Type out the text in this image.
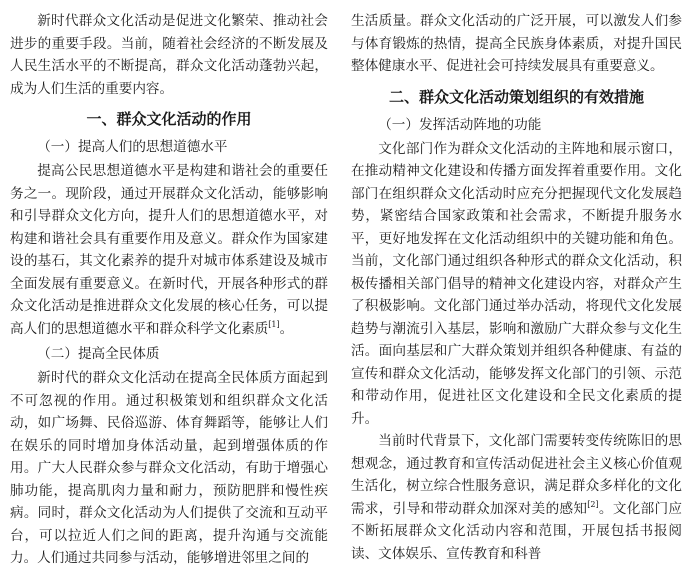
新时代群众文化活动是促进文化繁荣、推动社会进步的重要手段。当前，随着社会经济的不断发展及人民生活水平的不断提高，群众文化活动蓬勃兴起，成为人们生活的重要内容。

一、群众文化活动的作用
（一）提高人们的思想道德水平

提高公民思想道德水平是构建和谐社会的重要任务之一。现阶段，通过开展群众文化活动，能够影响和引导群众文化方向，提升人们的思想道德水平，对构建和谐社会具有重要作用及意义。群众作为国家建设的基石，其文化素养的提升对城市体系建设及城市全面发展有重要意义。在新时代，开展各种形式的群众文化活动是推进群众文化发展的核心任务，可以提高人们的思想道德水平和群众科学文化素质[1]。

（二）提高全民体质

新时代的群众文化活动在提高全民体质方面起到不可忽视的作用。通过积极策划和组织群众文化活动，如广场舞、民俗巡游、体育舞蹈等，能够让人们在娱乐的同时增加身体活动量，起到增强体质的作用。广大人民群众参与群众文化活动，有助于增强心肺功能，提高肌肉力量和耐力，预防肥胖和慢性疾病。同时，群众文化活动为人们提供了交流和互动平台，可以拉近人们之间的距离，提升沟通与交流能力。人们通过共同参与活动，能够增进邻里之间的

生活质量。群众文化活动的广泛开展，可以激发人们参与体育锻炼的热情，提高全民族身体素质，对提升国民整体健康水平、促进社会可持续发展具有重要意义。

二、群众文化活动策划组织的有效措施
（一）发挥活动阵地的功能

文化部门作为群众文化活动的主阵地和展示窗口，在推动精神文化建设和传播方面发挥着重要作用。文化部门在组织群众文化活动时应充分把握现代文化发展趋势，紧密结合国家政策和社会需求，不断提升服务水平，更好地发挥在文化活动组织中的关键功能和角色。当前，文化部门通过组织各种形式的群众文化活动，积极传播相关部门倡导的精神文化建设内容，对群众产生了积极影响。文化部门通过举办活动，将现代文化发展趋势与潮流引入基层，影响和激励广大群众参与文化生活。面向基层和广大群众策划并组织各种健康、有益的宣传和群众文化活动，能够发挥文化部门的引领、示范和带动作用，促进社区文化建设和全民文化素质的提升。

当前时代背景下，文化部门需要转变传统陈旧的思想观念，通过教育和宣传活动促进社会主义核心价值观生活化，树立综合性服务意识，满足群众多样化的文化需求，引导和带动群众加深对美的感知[2]。文化部门应不断拓展群众文化活动内容和范围，开展包括书报阅读、文体娱乐、宣传教育和科普
